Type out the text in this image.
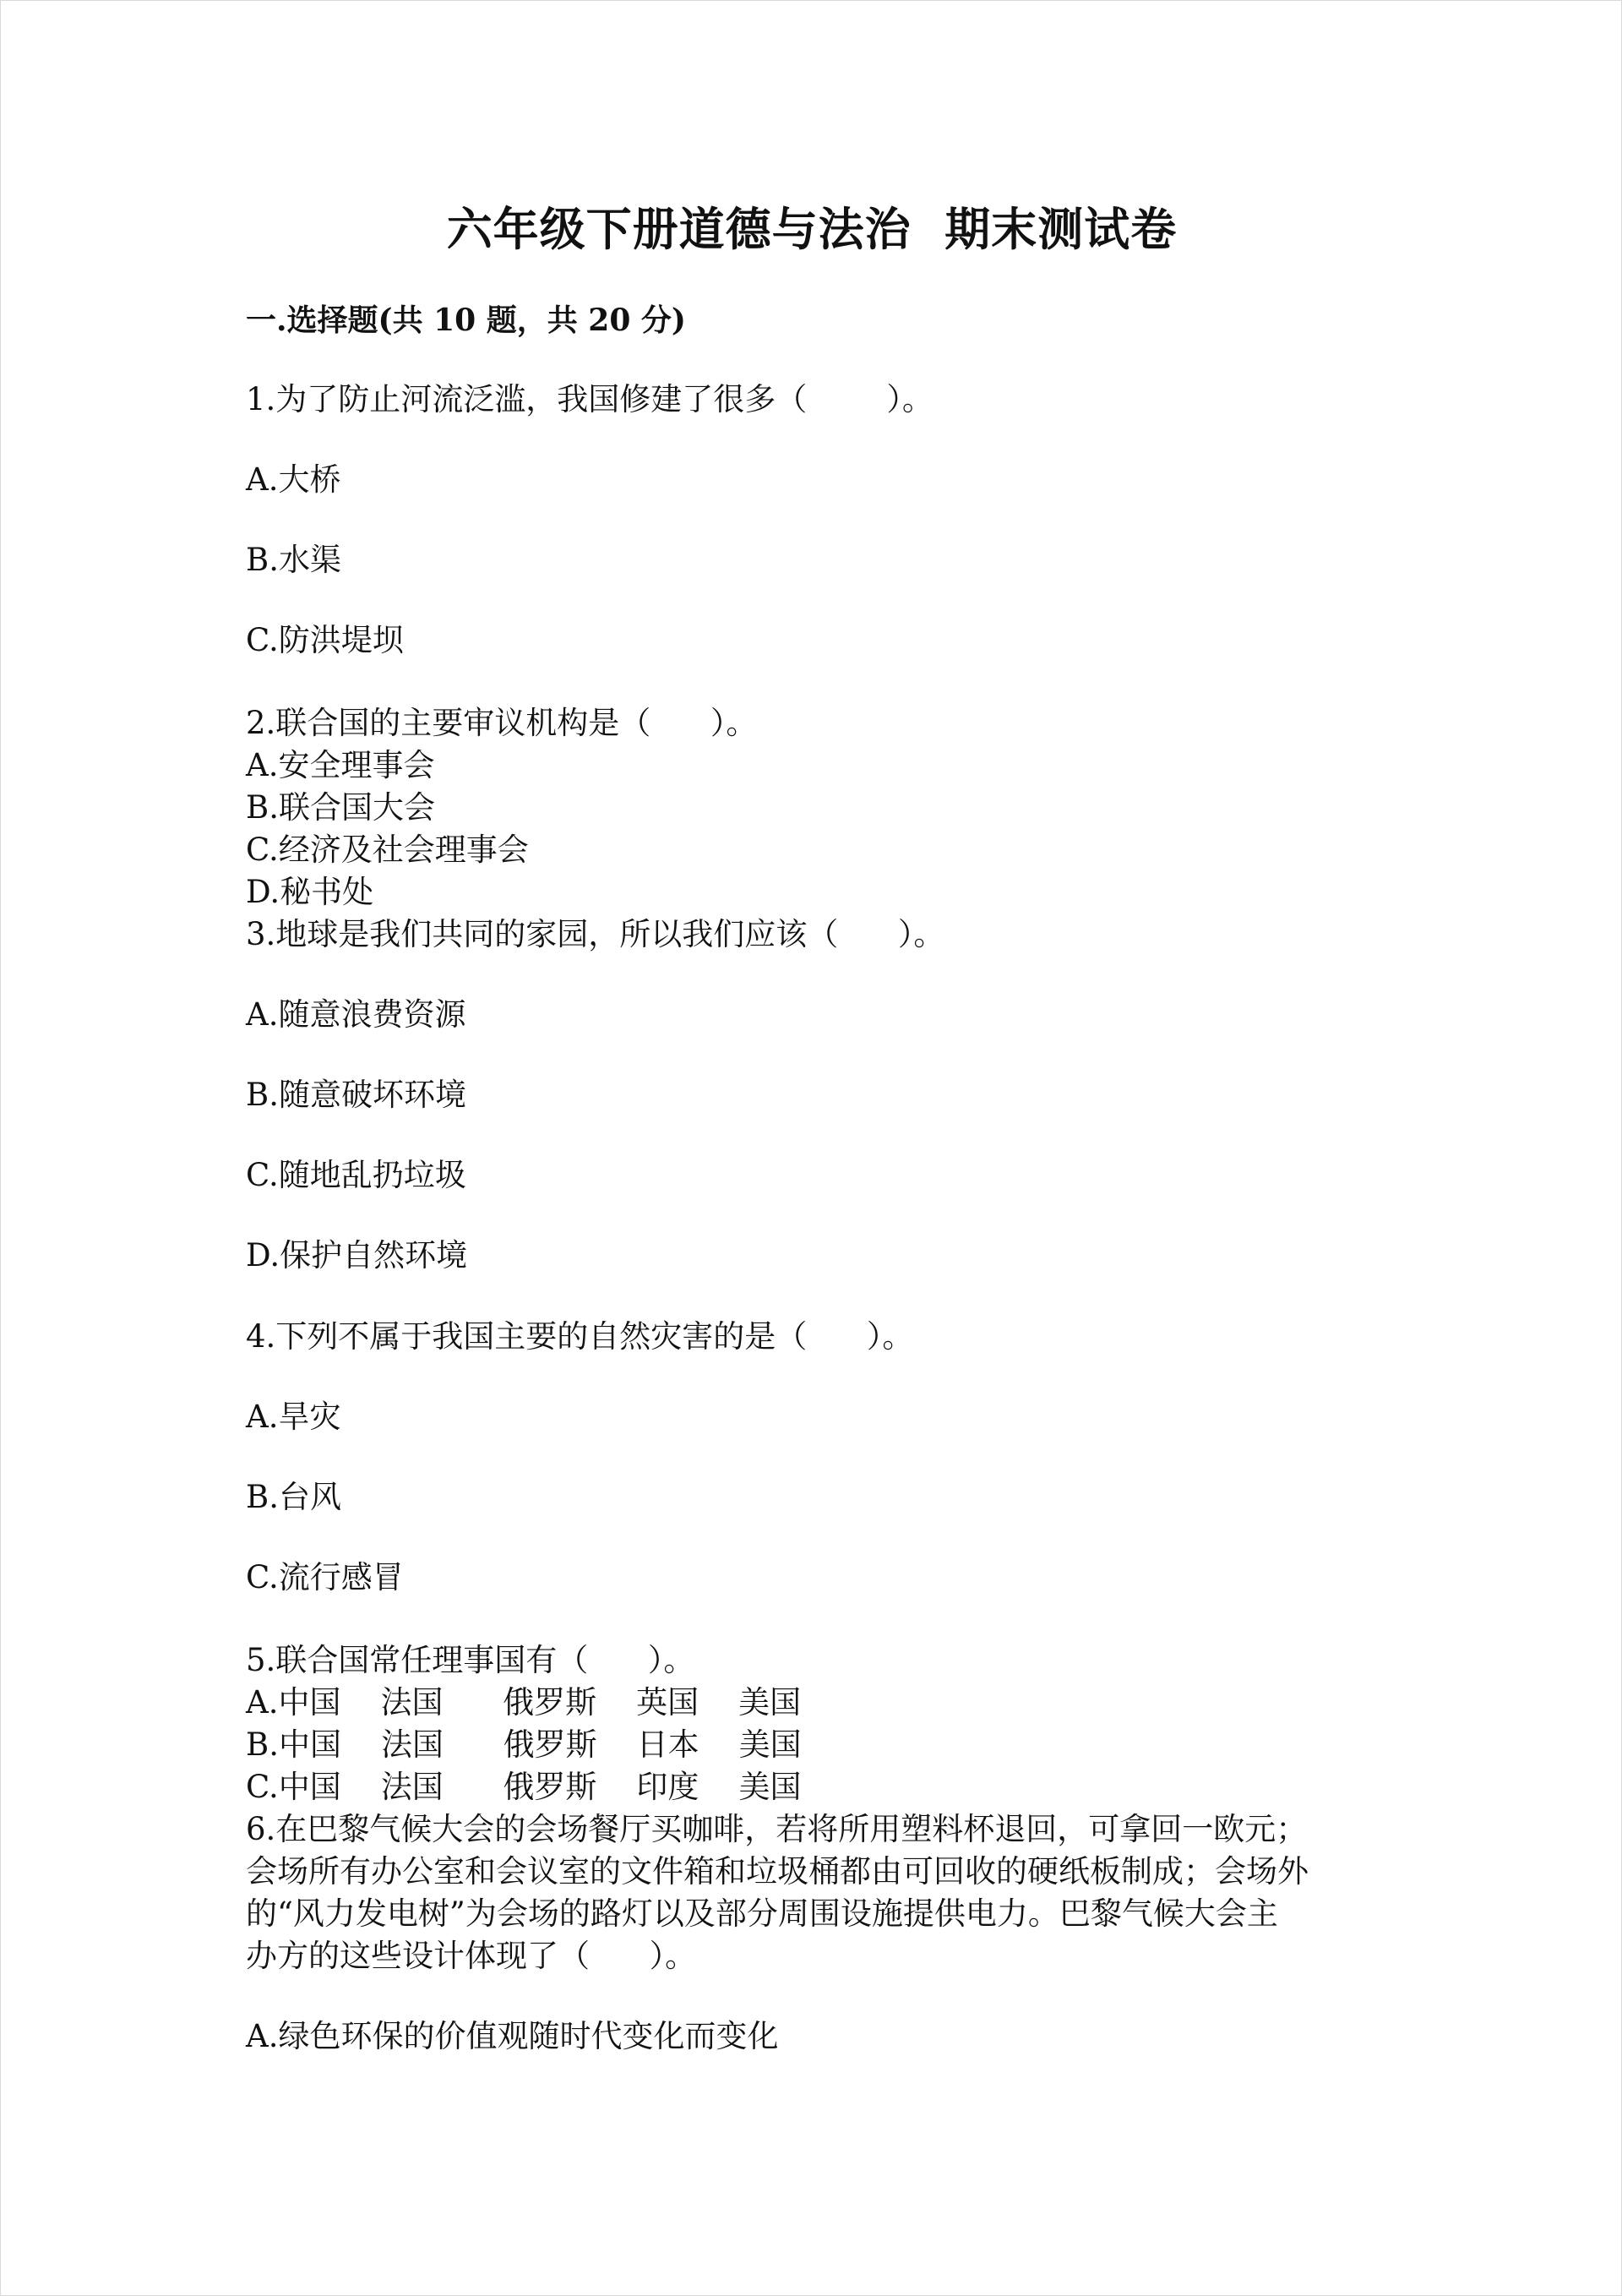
六年级下册道德与法治  期末测试卷
一.选择题(共 10 题，共 20 分)
1.为了防止河流泛滥，我国修建了很多（        ）。
A.大桥
B.水渠
C.防洪堤坝
2.联合国的主要审议机构是（      ）。
A.安全理事会
B.联合国大会
C.经济及社会理事会
D.秘书处
3.地球是我们共同的家园，所以我们应该（      ）。
A.随意浪费资源
B.随意破坏环境
C.随地乱扔垃圾
D.保护自然环境
4.下列不属于我国主要的自然灾害的是（      ）。
A.旱灾
B.台风
C.流行感冒
5.联合国常任理事国有（      ）。
A.中国    法国      俄罗斯    英国    美国
B.中国    法国      俄罗斯    日本    美国
C.中国    法国      俄罗斯    印度    美国
6.在巴黎气候大会的会场餐厅买咖啡，若将所用塑料杯退回，可拿回一欧元；
会场所有办公室和会议室的文件箱和垃圾桶都由可回收的硬纸板制成；会场外
的“风力发电树”为会场的路灯以及部分周围设施提供电力。巴黎气候大会主
办方的这些设计体现了（      ）。
A.绿色环保的价值观随时代变化而变化
